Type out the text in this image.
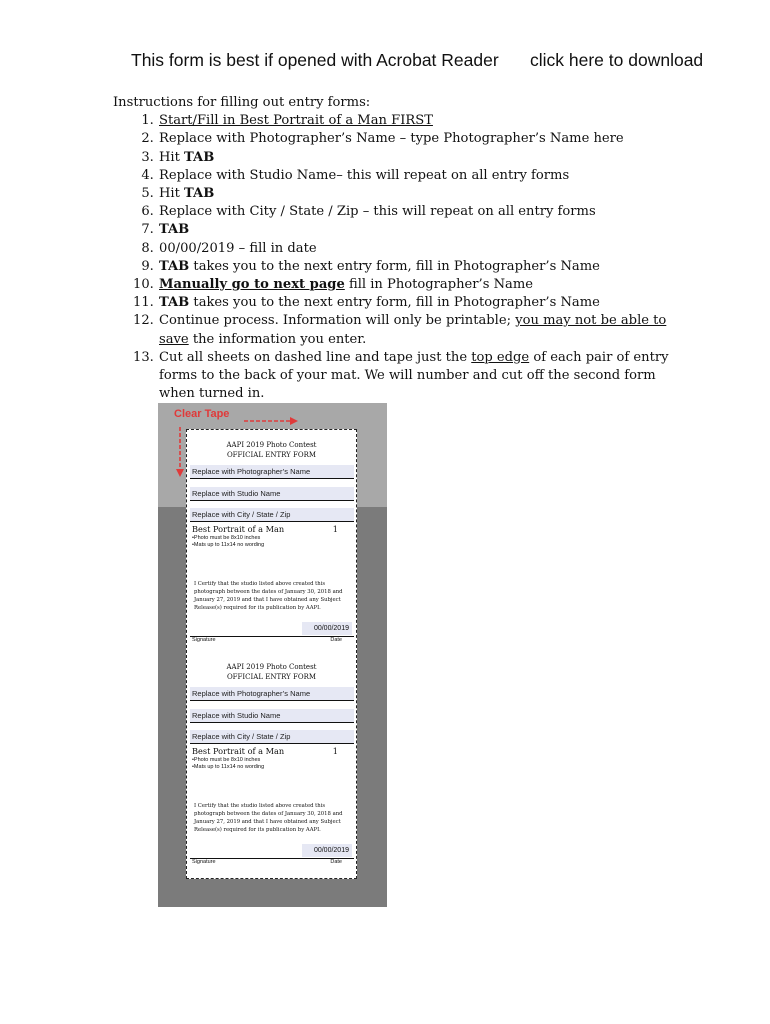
This form is best if opened with Acrobat Reader click here to download
Instructions for filling out entry forms:
1. Start/Fill in Best Portrait of a Man FIRST
2. Replace with Photographer’s Name – type Photographer’s Name here
3. Hit TAB
4. Replace with Studio Name– this will repeat on all entry forms
5. Hit TAB
6. Replace with City / State / Zip – this will repeat on all entry forms
7. TAB
8. 00/00/2019 – fill in date
9. TAB takes you to the next entry form, fill in Photographer’s Name
10. Manually go to next page fill in Photographer’s Name
11. TAB takes you to the next entry form, fill in Photographer’s Name
12. Continue process. Information will only be printable; you may not be able to save the information you enter.
13. Cut all sheets on dashed line and tape just the top edge of each pair of entry forms to the back of your mat. We will number and cut off the second form when turned in.
Clear Tape
AAPI 2019 Photo Contest
OFFICIAL ENTRY FORM
Replace with Photographer’s Name
Replace with Studio Name
Replace with City / State / Zip
Best Portrait of a Man	1
•Photo must be 8x10 inches
•Mats up to 11x14 no wording
I Certify that the studio listed above created this photograph between the dates of January 30, 2018 and January 27, 2019 and that I have obtained any Subject Release(s) required for its publication by AAPI.
00/00/2019
Signature	Date
AAPI 2019 Photo Contest
OFFICIAL ENTRY FORM
Replace with Photographer’s Name
Replace with Studio Name
Replace with City / State / Zip
Best Portrait of a Man	1
•Photo must be 8x10 inches
•Mats up to 11x14 no wording
I Certify that the studio listed above created this photograph between the dates of January 30, 2018 and January 27, 2019 and that I have obtained any Subject Release(s) required for its publication by AAPI.
00/00/2019
Signature	Date
